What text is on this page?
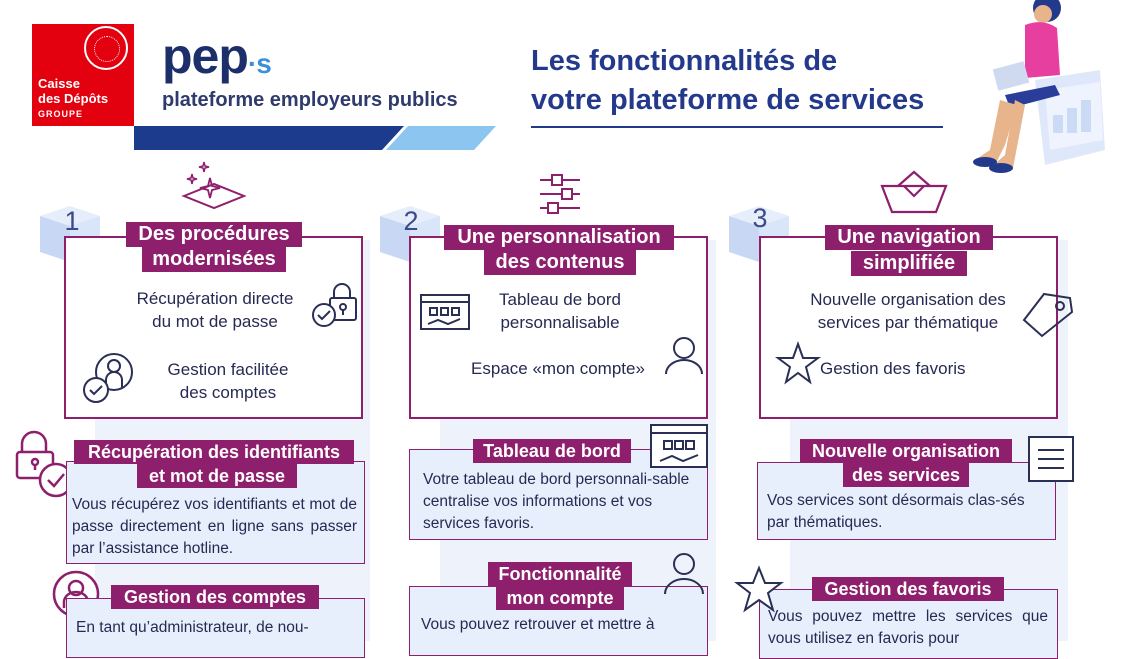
Caisse
des Dépôts
GROUPE
pep·s
plateforme employeurs publics
Les fonctionnalités de
votre plateforme de services
1	2	3
Des procédures
modernisées
Une personnalisation
des contenus
Une navigation
simplifiée
Récupération directe
du mot de passe
Gestion facilitée
des comptes
Tableau de bord
personnalisable
Espace «mon compte»
Nouvelle organisation des
services par thématique
Gestion des favoris
Récupération des identifiants
et mot de passe
Vous récupérez vos identifiants et mot de passe directement en ligne sans passer par l’assistance hotline.
Gestion des comptes
En tant qu’administrateur, de nou-
Tableau de bord
Votre tableau de bord personnali-sable centralise vos informations et vos services favoris.
Fonctionnalité
mon compte
Vous pouvez retrouver et mettre à
Nouvelle organisation
des services
Vos services sont désormais clas-sés par thématiques.
Gestion des favoris
Vous pouvez mettre les services que vous utilisez en favoris pour
